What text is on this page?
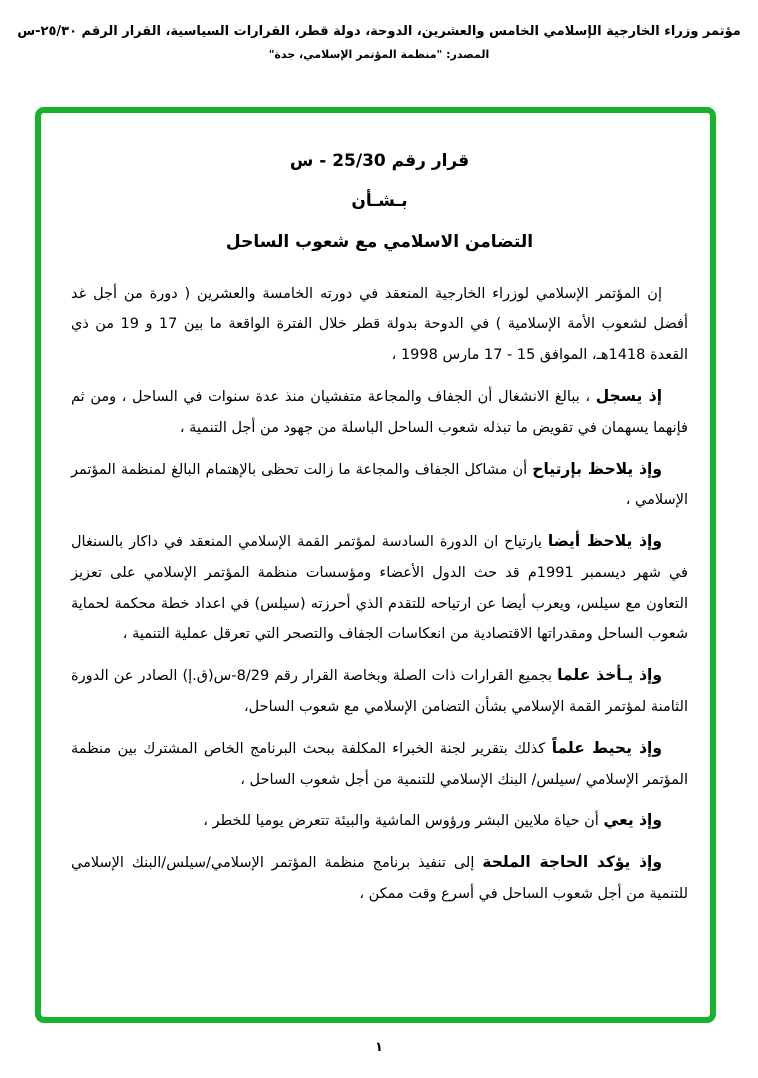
مؤتمر وزراء الخارجية الإسلامي الخامس والعشرين، الدوحة، دولة قطر، القرارات السياسية، القرار الرقم ٢٥/٣٠-س
المصدر: "منظمة المؤتمر الإسلامي، جدة"
قرار رقم 25/30 - س
بـشـأن
التضامن الاسلامي مع شعوب الساحل

إن المؤتمر الإسلامي لوزراء الخارجية المنعقد في دورته الخامسة والعشرين ( دورة من أجل غد أفضل لشعوب الأمة الإسلامية ) في الدوحة بدولة قطر خلال الفترة الواقعة ما بين 17 و 19 من ذي القعدة 1418هـ، الموافق 15 - 17 مارس 1998 ،

إذ يسجل ، ببالغ الانشغال أن الجفاف والمجاعة متفشيان منذ عدة سنوات في الساحل ، ومن ثم فإنهما يسهمان في تقويض ما تبذله شعوب الساحل الباسلة من جهود من أجل التنمية ،

وإذ يلاحظ بإرتياح أن مشاكل الجفاف والمجاعة ما زالت تحظى بالإهتمام البالغ لمنظمة المؤتمر الإسلامي ،

وإذ يلاحظ أيضا يارتياح ان الدورة السادسة لمؤتمر القمة الإسلامي المنعقد في داكار بالسنغال في شهر ديسمبر 1991م قد حث الدول الأعضاء ومؤسسات منظمة المؤتمر الإسلامي على تعزيز التعاون مع سيلس، ويعرب أيضا عن ارتياحه للتقدم الذي أحرزته (سيلس) في اعداد خطة محكمة لحماية شعوب الساحل ومقدراتها الاقتصادية من انعكاسات الجفاف والتصحر التي تعرقل عملية التنمية ،

وإذ يـأخذ علما بجميع القرارات ذات الصلة وبخاصة القرار رقم 8/29-س(ق.إ) الصادر عن الدورة الثامنة لمؤتمر القمة الإسلامي بشأن التضامن الإسلامي مع شعوب الساحل،

وإذ يحيط علماً كذلك بتقرير لجنة الخبراء المكلفة ببحث البرنامج الخاص المشترك بين منظمة المؤتمر الإسلامي /سيلس/ البنك الإسلامي للتنمية من أجل شعوب الساحل ،

وإذ يعي أن حياة ملايين البشر ورؤوس الماشية والبيئة تتعرض يوميا للخطر ،

وإذ يؤكد الحاجة الملحة إلى تنفيذ برنامج منظمة المؤتمر الإسلامي/سيلس/البنك الإسلامي للتنمية من أجل شعوب الساحل في أسرع وقت ممكن ،

١
